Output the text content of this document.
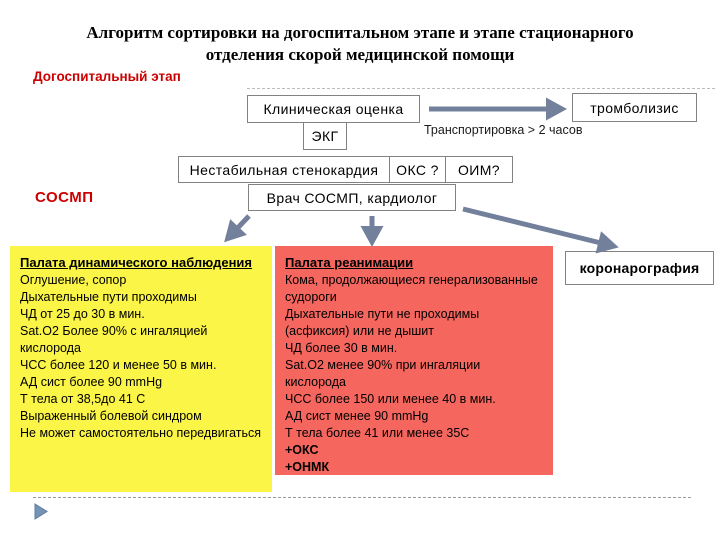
Алгоритм сортировки на догоспитальном этапе и этапе стационарного
отделения скорой медицинской помощи
Догоспитальный этап
Клиническая оценка	тромболизис
Транспортировка > 2 часов
ЭКГ
Нестабильная стенокардия	ОКС ?	ОИМ?
СОСМП	Врач СОСМП, кардиолог
коронарография
Палата динамического наблюдения
Оглушение, сопор
Дыхательные пути проходимы
ЧД от 25 до 30 в мин.
Sat.O2 Более 90% с ингаляцией кислорода
ЧСС более 120 и менее 50 в мин.
АД сист более 90 mmHg
Т тела от 38,5до 41 С
Выраженный болевой синдром
Не может самостоятельно передвигаться
Палата реанимации
Кома, продолжающиеся генерализованные судороги
Дыхательные пути не проходимы (асфиксия) или не дышит
ЧД более 30 в мин.
Sat.O2 менее 90% при ингаляции кислорода
ЧСС более 150 или менее 40 в мин.
АД сист менее 90 mmHg
Т тела более 41 или менее 35С
+ОКС
+ОНМК
